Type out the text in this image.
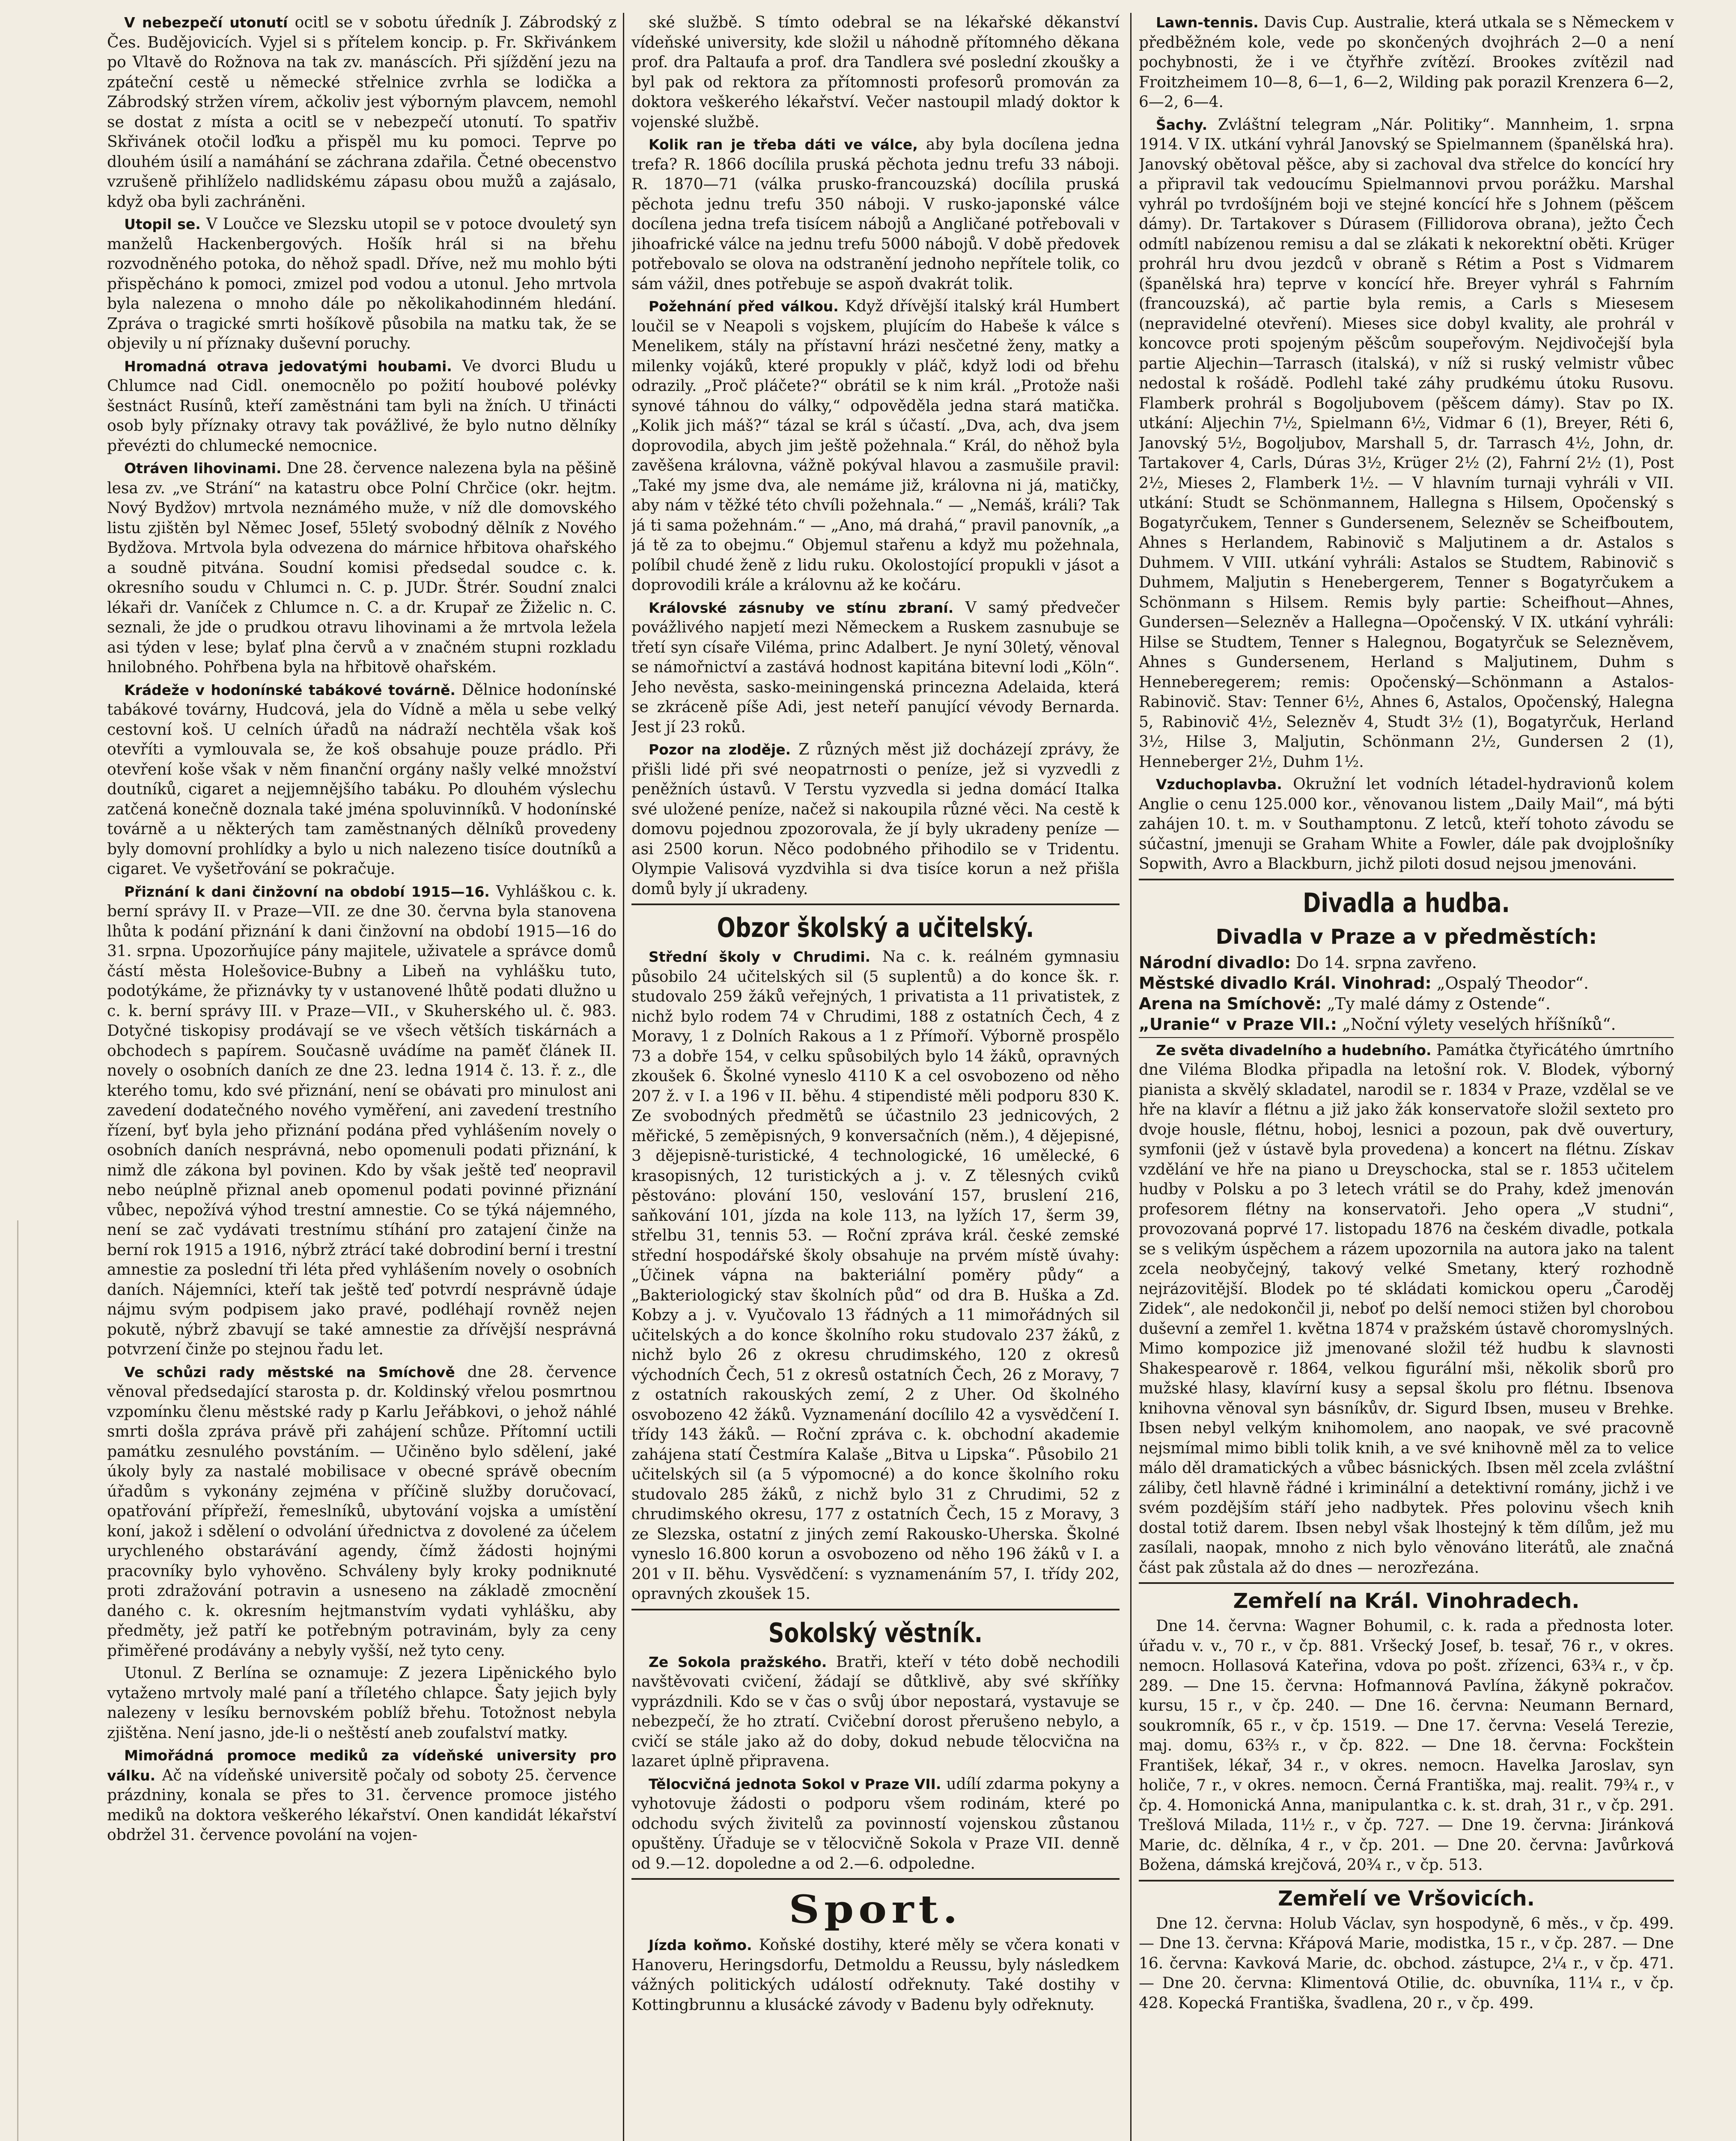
V nebezpečí utonutí ocitl se v sobotu úředník J. Zábrodský z Čes. Budějovicích. Vyjel si s přítelem koncip. p. Fr. Skřivánkem po Vltavě do Rožnova na tak zv. manáscích. Při sjíždění jezu na zpáteční cestě u německé střelnice zvrhla se lodička a Zábrodský stržen vírem, ačkoliv jest výborným plavcem, nemohl se dostat z místa a ocitl se v nebezpečí utonutí. To spatřiv Skřivánek otočil loďku a přispěl mu ku pomoci. Teprve po dlouhém úsilí a namáhání se záchrana zdařila. Četné obecenstvo vzrušeně přihlíželo nadlidskému zápasu obou mužů a zajásalo, když oba byli zachráněni.

Utopil se. V Loučce ve Slezsku utopil se v potoce dvouletý syn manželů Hackenbergových. Hošík hrál si na břehu rozvodněného potoka, do něhož spadl. Dříve, než mu mohlo býti přispěcháno k pomoci, zmizel pod vodou a utonul. Jeho mrtvola byla nalezena o mnoho dále po několikahodinném hledání. Zpráva o tragické smrti hošíkově působila na matku tak, že se objevily u ní příznaky duševní poruchy.

Hromadná otrava jedovatými houbami. Ve dvorci Bludu u Chlumce nad Cidl. onemocnělo po požití houbové polévky šestnáct Rusínů, kteří zaměstnáni tam byli na žních. U třinácti osob byly příznaky otravy tak povážlivé, že bylo nutno dělníky převézti do chlumecké nemocnice.

Otráven lihovinami. Dne 28. července nalezena byla na pěšině lesa zv. „ve Strání“ na katastru obce Polní Chrčice (okr. hejtm. Nový Bydžov) mrtvola neznámého muže, v níž dle domovského listu zjištěn byl Němec Josef, 55letý svobodný dělník z Nového Bydžova. Mrtvola byla odvezena do márnice hřbitova ohařského a soudně pitvána. Soudní komisi předsedal soudce c. k. okresního soudu v Chlumci n. C. p. JUDr. Štrér. Soudní znalci lékaři dr. Vaníček z Chlumce n. C. a dr. Krupař ze Žiželic n. C. seznali, že jde o prudkou otravu lihovinami a že mrtvola ležela asi týden v lese; bylať plna červů a v značném stupni rozkladu hnilobného. Pohřbena byla na hřbitově ohařském.

Krádeže v hodonínské tabákové továrně. Dělnice hodonínské tabákové továrny, Hudcová, jela do Vídně a měla u sebe velký cestovní koš. U celních úřadů na nádraží nechtěla však koš otevříti a vymlouvala se, že koš obsahuje pouze prádlo. Při otevření koše však v něm finanční orgány našly velké množství doutníků, cigaret a nejjemnějšího tabáku. Po dlouhém výslechu zatčená konečně doznala také jména spoluvinníků. V hodonínské továrně a u některých tam zaměstnaných dělníků provedeny byly domovní prohlídky a bylo u nich nalezeno tisíce doutníků a cigaret. Ve vyšetřování se pokračuje.

Přiznání k dani činžovní na období 1915—16. Vyhláškou c. k. berní správy II. v Praze—VII. ze dne 30. června byla stanovena lhůta k podání přiznání k dani činžovní na období 1915—16 do 31. srpna. Upozorňujíce pány majitele, uživatele a správce domů částí města Holešovice-Bubny a Libeň na vyhlášku tuto, podotýkáme, že přiznávky ty v ustanovené lhůtě podati dlužno u c. k. berní správy III. v Praze—VII., v Skuherského ul. č. 983. Dotyčné tiskopisy prodávají se ve všech větších tiskárnách a obchodech s papírem. Současně uvádíme na paměť článek II. novely o osobních daních ze dne 23. ledna 1914 č. 13. ř. z., dle kterého tomu, kdo své přiznání, není se obávati pro minulost ani zavedení dodatečného nového vyměření, ani zavedení trestního řízení, byť byla jeho přiznání podána před vyhlášením novely o osobních daních nesprávná, nebo opomenuli podati přiznání, k nimž dle zákona byl povinen. Kdo by však ještě teď neopravil nebo neúplně přiznal aneb opomenul podati povinné přiznání vůbec, nepožívá výhod trestní amnestie. Co se týká nájemného, není se zač vydávati trestnímu stíhání pro zatajení činže na berní rok 1915 a 1916, nýbrž ztrácí také dobrodiní berní i trestní amnestie za poslední tři léta před vyhlášením novely o osobních daních. Nájemníci, kteří tak ještě teď potvrdí nesprávně údaje nájmu svým podpisem jako pravé, podléhají rovněž nejen pokutě, nýbrž zbavují se také amnestie za dřívější nesprávná potvrzení činže po stejnou řadu let.

Ve schůzi rady městské na Smíchově dne 28. července věnoval předsedající starosta p. dr. Koldinský vřelou posmrtnou vzpomínku členu městské rady p Karlu Jeřábkovi, o jehož náhlé smrti došla zpráva právě při zahájení schůze. Přítomní uctili památku zesnulého povstáním. — Učiněno bylo sdělení, jaké úkoly byly za nastalé mobilisace v obecné správě obecním úřadům s vykonány zejména v příčině služby doručovací, opatřování přípřeží, řemeslníků, ubytování vojska a umístění koní, jakož i sdělení o odvolání úřednictva z dovolené za účelem urychleného obstarávání agendy, čímž žádosti hojnými pracovníky bylo vyhověno. Schváleny byly kroky podniknuté proti zdražování potravin a usneseno na základě zmocnění daného c. k. okresním hejtmanstvím vydati vyhlášku, aby předměty, jež patří ke potřebným potravinám, byly za ceny přiměřené prodávány a nebyly vyšší, než tyto ceny.

Utonul. Z Berlína se oznamuje: Z jezera Lipěnického bylo vytaženo mrtvoly malé paní a tříletého chlapce. Šaty jejich byly nalezeny v lesíku bernovském poblíž břehu. Totožnost nebyla zjištěna. Není jasno, jde-li o neštěstí aneb zoufalství matky.

Mimořádná promoce mediků za vídeňské university pro válku. Ač na vídeňské universitě počaly od soboty 25. července prázdniny, konala se přes to 31. července promoce jistého mediků na doktora veškerého lékařství. Onen kandidát lékařství obdržel 31. července povolání na vojen-

ské službě. S tímto odebral se na lékařské děkanství vídeňské university, kde složil u náhodně přítomného děkana prof. dra Paltaufa a prof. dra Tandlera své poslední zkoušky a byl pak od rektora za přítomnosti profesorů promován za doktora veškerého lékařství. Večer nastoupil mladý doktor k vojenské službě.

Kolik ran je třeba dáti ve válce, aby byla docílena jedna trefa? R. 1866 docílila pruská pěchota jednu trefu 33 náboji. R. 1870—71 (válka prusko-francouzská) docílila pruská pěchota jednu trefu 350 náboji. V rusko-japonské válce docílena jedna trefa tisícem nábojů a Angličané potřebovali v jihoafrické válce na jednu trefu 5000 nábojů. V době předovek potřebovalo se olova na odstranění jednoho nepřítele tolik, co sám vážil, dnes potřebuje se aspoň dvakrát tolik.

Požehnání před válkou. Když dřívější italský král Humbert loučil se v Neapoli s vojskem, plujícím do Habeše k válce s Menelikem, stály na přístavní hrázi nesčetné ženy, matky a milenky vojáků, které propukly v pláč, když lodi od břehu odrazily. „Proč pláčete?“ obrátil se k nim král. „Protože naši synové táhnou do války,“ odpověděla jedna stará matička. „Kolik jich máš?“ tázal se král s účastí. „Dva, ach, dva jsem doprovodila, abych jim ještě požehnala.“ Král, do něhož byla zavěšena královna, vážně pokýval hlavou a zasmušile pravil: „Také my jsme dva, ale nemáme již, královna ni já, matičky, aby nám v těžké této chvíli požehnala.“ — „Nemáš, králi? Tak já ti sama požehnám.“ — „Ano, má drahá,“ pravil panovník, „a já tě za to obejmu.“ Objemul stařenu a když mu požehnala, políbil chudé ženě z lidu ruku. Okolostojící propukli v jásot a doprovodili krále a královnu až ke kočáru.

Královské zásnuby ve stínu zbraní. V samý předvečer povážlivého napjetí mezi Německem a Ruskem zasnubuje se třetí syn císaře Viléma, princ Adalbert. Je nyní 30letý, věnoval se námořnictví a zastává hodnost kapitána bitevní lodi „Köln“. Jeho nevěsta, sasko-meiningenská princezna Adelaida, která se zkráceně píše Adi, jest neteří panující vévody Bernarda. Jest jí 23 roků.

Pozor na zloděje. Z různých měst již docházejí zprávy, že přišli lidé při své neopatrnosti o peníze, jež si vyzvedli z peněžních ústavů. V Terstu vyzvedla si jedna domácí Italka své uložené peníze, načež si nakoupila různé věci. Na cestě k domovu pojednou zpozorovala, že jí byly ukradeny peníze — asi 2500 korun. Něco podobného přihodilo se v Tridentu. Olympie Valisová vyzdvihla si dva tisíce korun a než přišla domů byly jí ukradeny.

Obzor školský a učitelský.

Střední školy v Chrudimi. Na c. k. reálném gymnasiu působilo 24 učitelských sil (5 suplentů) a do konce šk. r. studovalo 259 žáků veřejných, 1 privatista a 11 privatistek, z nichž bylo rodem 74 v Chrudimi, 188 z ostatních Čech, 4 z Moravy, 1 z Dolních Rakous a 1 z Přímoří. Výborně prospělo 73 a dobře 154, v celku spůsobilých bylo 14 žáků, opravných zkoušek 6. Školné vyneslo 4110 K a cel osvobozeno od něho 207 ž. v I. a 196 v II. běhu. 4 stipendisté měli podporu 830 K. Ze svobodných předmětů se účastnilo 23 jednicových, 2 měřické, 5 zeměpisných, 9 konversačních (něm.), 4 dějepisné, 3 dějepisně-turistické, 4 technologické, 16 umělecké, 6 krasopisných, 12 turistických a j. v. Z tělesných cviků pěstováno: plování 150, veslování 157, bruslení 216, saňkování 101, jízda na kole 113, na lyžích 17, šerm 39, střelbu 31, tennis 53. — Roční zpráva král. české zemské střední hospodářské školy obsahuje na prvém místě úvahy: „Účinek vápna na bakteriální poměry půdy“ a „Bakteriologický stav školních půd“ od dra B. Huška a Zd. Kobzy a j. v. Vyučovalo 13 řádných a 11 mimořádných sil učitelských a do konce školního roku studovalo 237 žáků, z nichž bylo 26 z okresu chrudimského, 120 z okresů východních Čech, 51 z okresů ostatních Čech, 26 z Moravy, 7 z ostatních rakouských zemí, 2 z Uher. Od školného osvobozeno 42 žáků. Vyznamenání docílilo 42 a vysvědčení I. třídy 143 žáků. — Roční zpráva c. k. obchodní akademie zahájena statí Čestmíra Kalaše „Bitva u Lipska“. Působilo 21 učitelských sil (a 5 výpomocné) a do konce školního roku studovalo 285 žáků, z nichž bylo 31 z Chrudimi, 52 z chrudimského okresu, 177 z ostatních Čech, 15 z Moravy, 3 ze Slezska, ostatní z jiných zemí Rakousko-Uherska. Školné vyneslo 16.800 korun a osvobozeno od něho 196 žáků v I. a 201 v II. běhu. Vysvědčení: s vyznamenáním 57, I. třídy 202, opravných zkoušek 15.

Sokolský věstník.

Ze Sokola pražského. Bratři, kteří v této době nechodili navštěvovati cvičení, žádají se důtklivě, aby své skříňky vyprázdnili. Kdo se v čas o svůj úbor nepostará, vystavuje se nebezpečí, že ho ztratí. Cvičební dorost přerušeno nebylo, a cvičí se stále jako až do doby, dokud nebude tělocvična na lazaret úplně připravena.

Tělocvičná jednota Sokol v Praze VII. udílí zdarma pokyny a vyhotovuje žádosti o podporu všem rodinám, které po odchodu svých živitelů za povinností vojenskou zůstanou opuštěny. Úřaduje se v tělocvičně Sokola v Praze VII. denně od 9.—12. dopoledne a od 2.—6. odpoledne.

Sport.

Jízda koňmo. Koňské dostihy, které měly se včera konati v Hanoveru, Heringsdorfu, Detmoldu a Reussu, byly následkem vážných politických událostí odřeknuty. Také dostihy v Kottingbrunnu a klusácké závody v Badenu byly odřeknuty.

Lawn-tennis. Davis Cup. Australie, která utkala se s Německem v předběžném kole, vede po skončených dvojhrách 2—0 a není pochybnosti, že i ve čtyřhře zvítězí. Brookes zvítězil nad Froitzheimem 10—8, 6—1, 6—2, Wilding pak porazil Krenzera 6—2, 6—2, 6—4.

Šachy. Zvláštní telegram „Nár. Politiky“. Mannheim, 1. srpna 1914. V IX. utkání vyhrál Janovský se Spielmannem (španělská hra). Janovský obětoval pěšce, aby si zachoval dva střelce do koncící hry a připravil tak vedoucímu Spielmannovi prvou porážku. Marshal vyhrál po tvrdošíjném boji ve stejné koncící hře s Johnem (pěšcem dámy). Dr. Tartakover s Dúrasem (Fillidorova obrana), ježto Čech odmítl nabízenou remisu a dal se zlákati k nekorektní oběti. Krüger prohrál hru dvou jezdců v obraně s Rétim a Post s Vidmarem (španělská hra) teprve v koncící hře. Breyer vyhrál s Fahrním (francouzská), ač partie byla remis, a Carls s Miesesem (nepravidelné otevření). Mieses sice dobyl kvality, ale prohrál v koncovce proti spojeným pěšcům soupeřovým. Nejdivočejší byla partie Aljechin—Tarrasch (italská), v níž si ruský velmistr vůbec nedostal k rošádě. Podlehl také záhy prudkému útoku Rusovu. Flamberk prohrál s Bogoljubovem (pěšcem dámy). Stav po IX. utkání: Aljechin 7½, Spielmann 6½, Vidmar 6 (1), Breyer, Réti 6, Janovský 5½, Bogoljubov, Marshall 5, dr. Tarrasch 4½, John, dr. Tartakover 4, Carls, Dúras 3½, Krüger 2½ (2), Fahrní 2½ (1), Post 2½, Mieses 2, Flamberk 1½. — V hlavním turnaji vyhráli v VII. utkání: Studt se Schönmannem, Hallegna s Hilsem, Opočenský s Bogatyrčukem, Tenner s Gundersenem, Selezněv se Scheifboutem, Ahnes s Herlandem, Rabinovič s Maljutinem a dr. Astalos s Duhmem. V VIII. utkání vyhráli: Astalos se Studtem, Rabinovič s Duhmem, Maljutin s Henebergerem, Tenner s Bogatyrčukem a Schönmann s Hilsem. Remis byly partie: Scheifhout—Ahnes, Gundersen—Selezněv a Hallegna—Opočenský. V IX. utkání vyhráli: Hilse se Studtem, Tenner s Halegnou, Bogatyrčuk se Selezněvem, Ahnes s Gundersenem, Herland s Maljutinem, Duhm s Henneberegerem; remis: Opočenský—Schönmann a Astalos-Rabinovič. Stav: Tenner 6½, Ahnes 6, Astalos, Opočenský, Halegna 5, Rabinovič 4½, Selezněv 4, Studt 3½ (1), Bogatyrčuk, Herland 3½, Hilse 3, Maljutin, Schönmann 2½, Gundersen 2 (1), Henneberger 2½, Duhm 1½.

Vzduchoplavba. Okružní let vodních létadel-hydravionů kolem Anglie o cenu 125.000 kor., věnovanou listem „Daily Mail“, má býti zahájen 10. t. m. v Southamptonu. Z letců, kteří tohoto závodu se súčastní, jmenuji se Graham White a Fowler, dále pak dvojplošníky Sopwith, Avro a Blackburn, jichž piloti dosud nejsou jmenováni.

Divadla a hudba.
Divadla v Praze a v předměstích:

Národní divadlo: Do 14. srpna zavřeno.

Městské divadlo Král. Vinohrad: „Ospalý Theodor“.

Arena na Smíchově: „Ty malé dámy z Ostende“.

„Uranie“ v Praze VII.: „Noční výlety veselých hříšníků“.

Ze světa divadelního a hudebního. Památka čtyřicátého úmrtního dne Viléma Blodka připadla na letošní rok. V. Blodek, výborný pianista a skvělý skladatel, narodil se r. 1834 v Praze, vzdělal se ve hře na klavír a flétnu a již jako žák konservatoře složil sexteto pro dvoje housle, flétnu, hoboj, lesnici a pozoun, pak dvě ouvertury, symfonii (jež v ústavě byla provedena) a koncert na flétnu. Získav vzdělání ve hře na piano u Dreyschocka, stal se r. 1853 učitelem hudby v Polsku a po 3 letech vrátil se do Prahy, kdež jmenován profesorem flétny na konservatoři. Jeho opera „V studni“, provozovaná poprvé 17. listopadu 1876 na českém divadle, potkala se s velikým úspěchem a rázem upozornila na autora jako na talent zcela neobyčejný, takový velké Smetany, který rozhodně nejrázovitější. Blodek po té skládati komickou operu „Čaroděj Zidek“, ale nedokončil ji, neboť po delší nemoci stižen byl chorobou duševní a zemřel 1. května 1874 v pražském ústavě choromyslných. Mimo kompozice již jmenované složil též hudbu k slavnosti Shakespearově r. 1864, velkou figurální mši, několik sborů pro mužské hlasy, klavírní kusy a sepsal školu pro flétnu. Ibsenova knihovna věnoval syn básníkův, dr. Sigurd Ibsen, museu v Brehke. Ibsen nebyl velkým knihomolem, ano naopak, ve své pracovně nejsmímal mimo bibli tolik knih, a ve své knihovně měl za to velice málo děl dramatických a vůbec básnických. Ibsen měl zcela zvláštní záliby, četl hlavně řádné i kriminální a detektivní romány, jichž i ve svém pozdějším stáří jeho nadbytek. Přes polovinu všech knih dostal totiž darem. Ibsen nebyl však lhostejný k těm dílům, jež mu zasílali, naopak, mnoho z nich bylo věnováno literátů, ale značná část pak zůstala až do dnes — nerozřezána.

Zemřelí na Král. Vinohradech.

Dne 14. června: Wagner Bohumil, c. k. rada a přednosta loter. úřadu v. v., 70 r., v čp. 881. Vršecký Josef, b. tesař, 76 r., v okres. nemocn. Hollasová Kateřina, vdova po pošt. zřízenci, 63¾ r., v čp. 289. — Dne 15. června: Hofmannová Pavlína, žákyně pokračov. kursu, 15 r., v čp. 240. — Dne 16. června: Neumann Bernard, soukromník, 65 r., v čp. 1519. — Dne 17. června: Veselá Terezie, maj. domu, 63⅔ r., v čp. 822. — Dne 18. června: Fockštein František, lékař, 34 r., v okres. nemocn. Havelka Jaroslav, syn holiče, 7 r., v okres. nemocn. Černá Františka, maj. realit. 79¾ r., v čp. 4. Homonická Anna, manipulantka c. k. st. drah, 31 r., v čp. 291. Trešlová Milada, 11½ r., v čp. 727. — Dne 19. června: Jiránková Marie, dc. dělníka, 4 r., v čp. 201. — Dne 20. června: Javůrková Božena, dámská krejčová, 20¾ r., v čp. 513.

Zemřelí ve Vršovicích.

Dne 12. června: Holub Václav, syn hospodyně, 6 měs., v čp. 499. — Dne 13. června: Křápová Marie, modistka, 15 r., v čp. 287. — Dne 16. června: Kavková Marie, dc. obchod. zástupce, 2¼ r., v čp. 471. — Dne 20. června: Klimentová Otilie, dc. obuvníka, 11¼ r., v čp. 428. Kopecká Františka, švadlena, 20 r., v čp. 499.
